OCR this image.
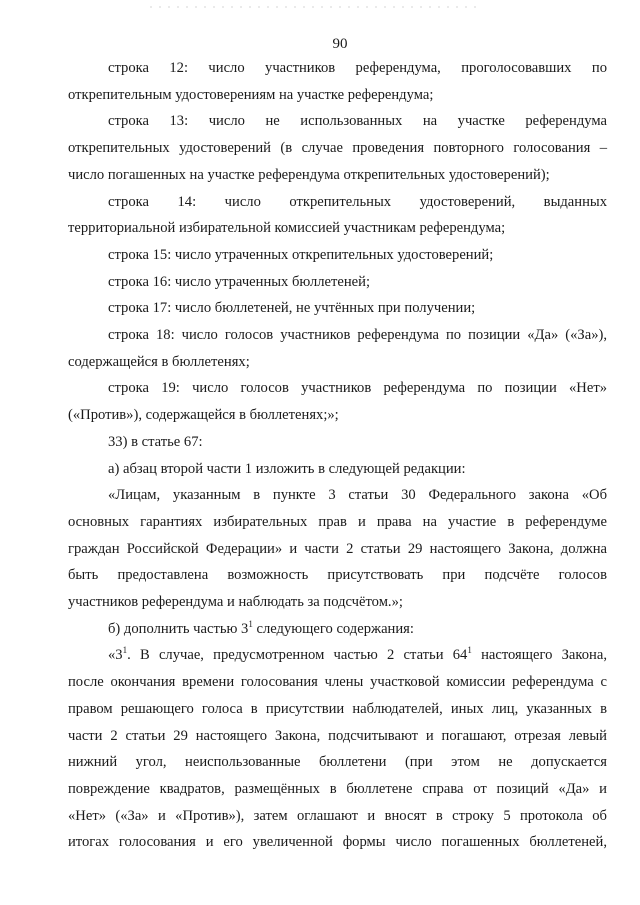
90

строка 12: число участников референдума, проголосовавших по
открепительным удостоверениям на участке референдума;

строка 13: число не использованных на участке референдума
открепительных удостоверений (в случае проведения повторного голосования –
число погашенных на участке референдума открепительных удостоверений);

строка 14: число открепительных удостоверений, выданных
территориальной избирательной комиссией участникам референдума;

строка 15: число утраченных открепительных удостоверений;

строка 16: число утраченных бюллетеней;

строка 17: число бюллетеней, не учтённых при получении;

строка 18: число голосов участников референдума по позиции «Да» («За»),
содержащейся в бюллетенях;

строка 19: число голосов участников референдума по позиции «Нет»
(«Против»), содержащейся в бюллетенях;»;

33) в статье 67:

а) абзац второй части 1 изложить в следующей редакции:

«Лицам, указанным в пункте 3 статьи 30 Федерального закона «Об
основных гарантиях избирательных прав и права на участие в референдуме
граждан Российской Федерации» и части 2 статьи 29 настоящего Закона, должна
быть предоставлена возможность присутствовать при подсчёте голосов
участников референдума и наблюдать за подсчётом.»;

б) дополнить частью $3^1$ следующего содержания:

«$3^1$. В случае, предусмотренном частью 2 статьи $64^1$ настоящего Закона,
после окончания времени голосования члены участковой комиссии референдума с
правом решающего голоса в присутствии наблюдателей, иных лиц, указанных в
части 2 статьи 29 настоящего Закона, подсчитывают и погашают, отрезая левый
нижний угол, неиспользованные бюллетени (при этом не допускается
повреждение квадратов, размещённых в бюллетене справа от позиций «Да» и
«Нет» («За» и «Против»), затем оглашают и вносят в строку 5 протокола об
итогах голосования и его увеличенной формы число погашенных бюллетеней,
